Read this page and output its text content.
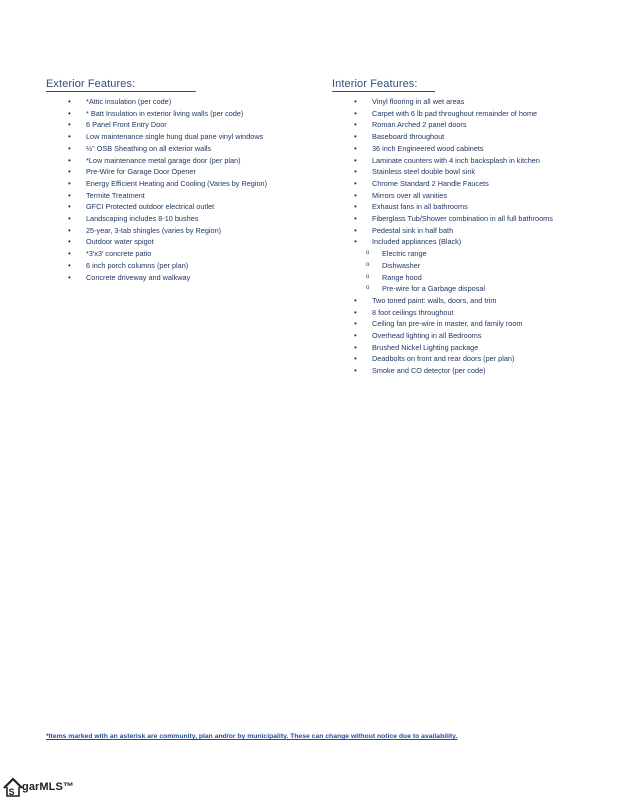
Exterior Features:
• *Attic insulation (per code)
• * Batt Insulation in exterior living walls (per code)
• 6 Panel Front Entry Door
• Low maintenance single hung dual pane vinyl windows
• ½" OSB Sheathing on all exterior walls
• *Low maintenance metal garage door (per plan)
• Pre-Wire for Garage Door Opener
• Energy Efficient Heating and Cooling (Varies by Region)
• Termite Treatment
• GFCI Protected outdoor electrical outlet
• Landscaping includes 8-10 bushes
• 25-year, 3-tab shingles (varies by Region)
• Outdoor water spigot
• *3'x3' concrete patio
• 6 inch porch columns (per plan)
• Concrete driveway and walkway
Interior Features:
• Vinyl flooring in all wet areas
• Carpet with 6 lb pad throughout remainder of home
• Roman Arched 2 panel doors
• Baseboard throughout
• 36 inch Engineered wood cabinets
• Laminate counters with 4 inch backsplash in kitchen
• Stainless steel double bowl sink
• Chrome Standard 2 Handle Faucets
• Mirrors over all vanities
• Exhaust fans in all bathrooms
• Fiberglass Tub/Shower combination in all full bathrooms
• Pedestal sink in half bath
• Included appliances (Black)
o Electric range
o Dishwasher
o Range hood
o Pre-wire for a Garbage disposal
• Two toned paint: walls, doors, and trim
• 8 foot ceilings throughout
• Ceiling fan pre-wire in master, and family room
• Overhead lighting in all Bedrooms
• Brushed Nickel Lighting package
• Deadbolts on front and rear doors (per plan)
• Smoke and CO detector (per code)
*Items marked with an asterisk are community, plan and/or by municipality. These can change without notice due to availability.
S garMLS™
